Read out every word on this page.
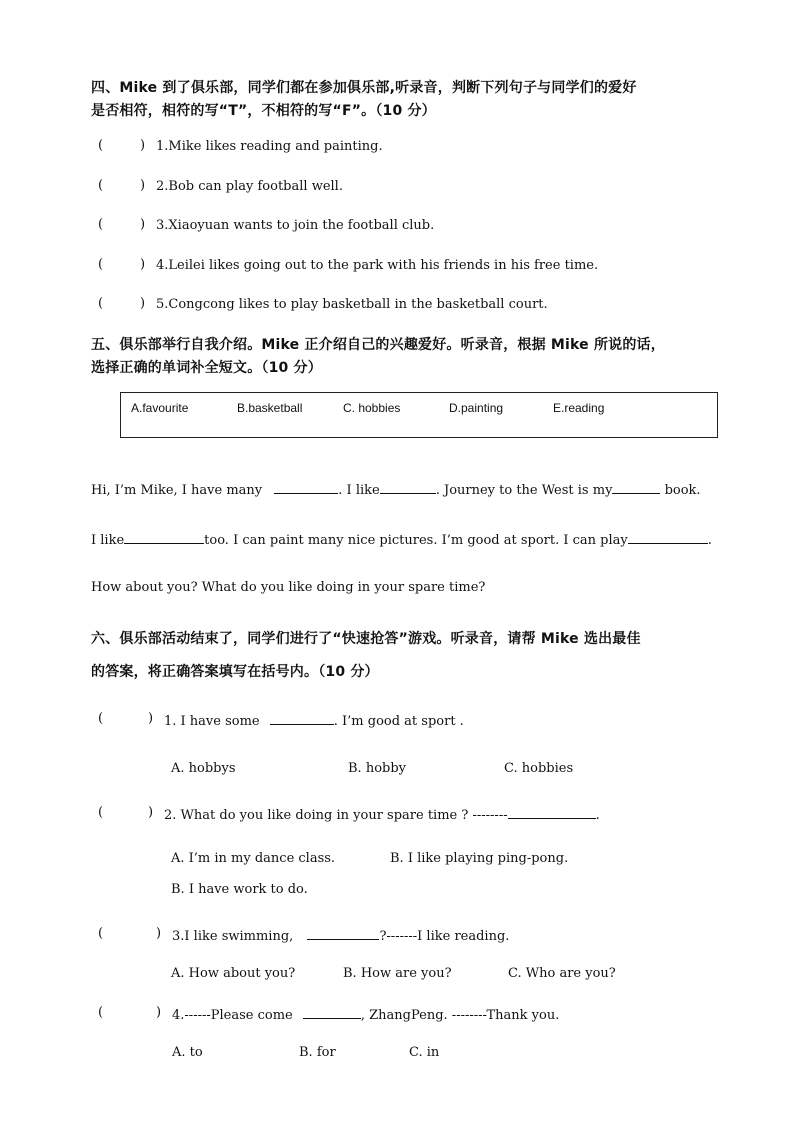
四、Mike 到了俱乐部，同学们都在参加俱乐部,听录音，判断下列句子与同学们的爱好
是否相符，相符的写“T”，不相符的写“F”。（10 分）
(	) 1.Mike likes reading and painting.
(	) 2.Bob can play football well.
(	) 3.Xiaoyuan wants to join the football club.
(	) 4.Leilei likes going out to the park with his friends in his free time.
(	) 5.Congcong likes to play basketball in the basketball court.
五、俱乐部举行自我介绍。Mike 正介绍自己的兴趣爱好。听录音，根据 Mike 所说的话，
选择正确的单词补全短文。（10 分）
A.favourite	B.basketball	C. hobbies	D.painting	E.reading
Hi, I’m Mike, I have many	. I like	. Journey to the West is my	book.
I like	too. I can paint many nice pictures. I’m good at sport. I can play	.
How about you? What do you like doing in your spare time?
六、俱乐部活动结束了，同学们进行了“快速抢答”游戏。听录音，请帮 Mike 选出最佳
的答案，将正确答案填写在括号内。（10 分）
(	) 1. I have some	. I’m good at sport .
A. hobbys	B. hobby	C. hobbies
(	) 2. What do you like doing in your spare time ? --------	.
A. I’m in my dance class.	B. I like playing ping-pong.
B. I have work to do.
(	) 3.I like swimming,	?-------I like reading.
A. How about you?	B. How are you?	C. Who are you?
(	) 4.------Please come	, ZhangPeng. --------Thank you.
A. to	B. for	C. in
